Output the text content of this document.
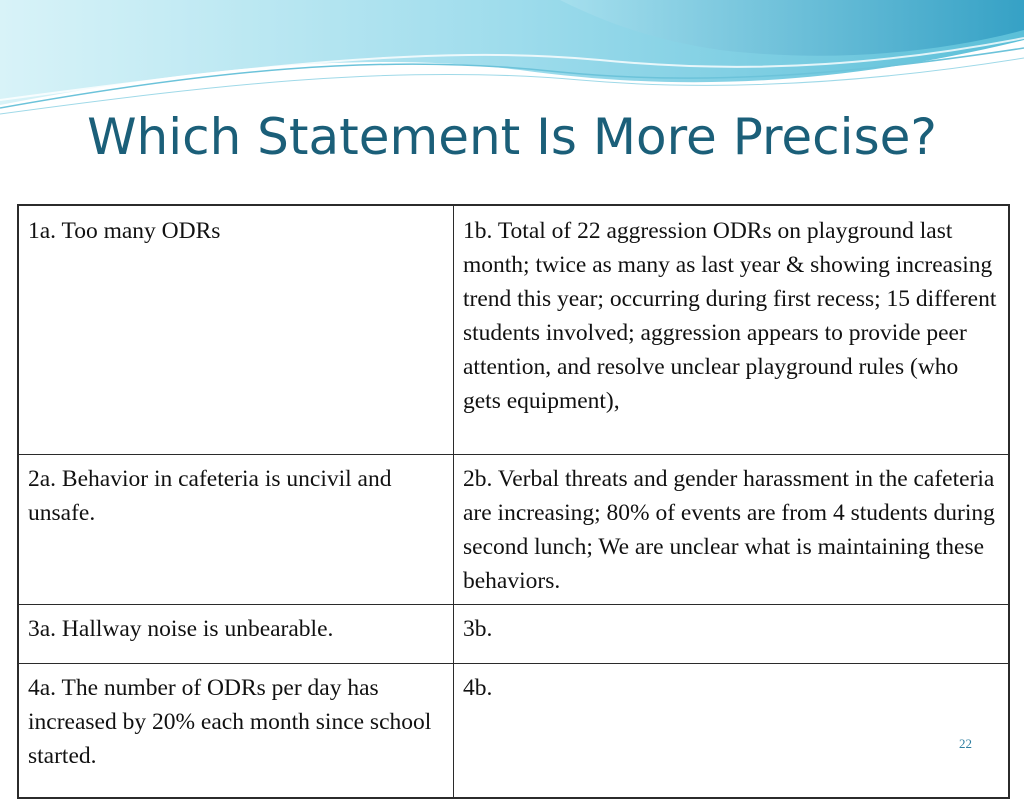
Which Statement Is More Precise?
1a. Too many ODRs	1b. Total of 22 aggression ODRs on playground last month; twice as many as last year & showing increasing trend this year; occurring during first recess; 15 different students involved; aggression appears to provide peer attention, and resolve unclear playground rules (who gets equipment),
2a. Behavior in cafeteria is uncivil and unsafe.	2b. Verbal threats and gender harassment in the cafeteria are increasing; 80% of events are from 4 students during second lunch; We are unclear what is maintaining these behaviors.
3a. Hallway noise is unbearable.	3b.
4a. The number of ODRs per day has increased by 20% each month since school started.	4b.
22
